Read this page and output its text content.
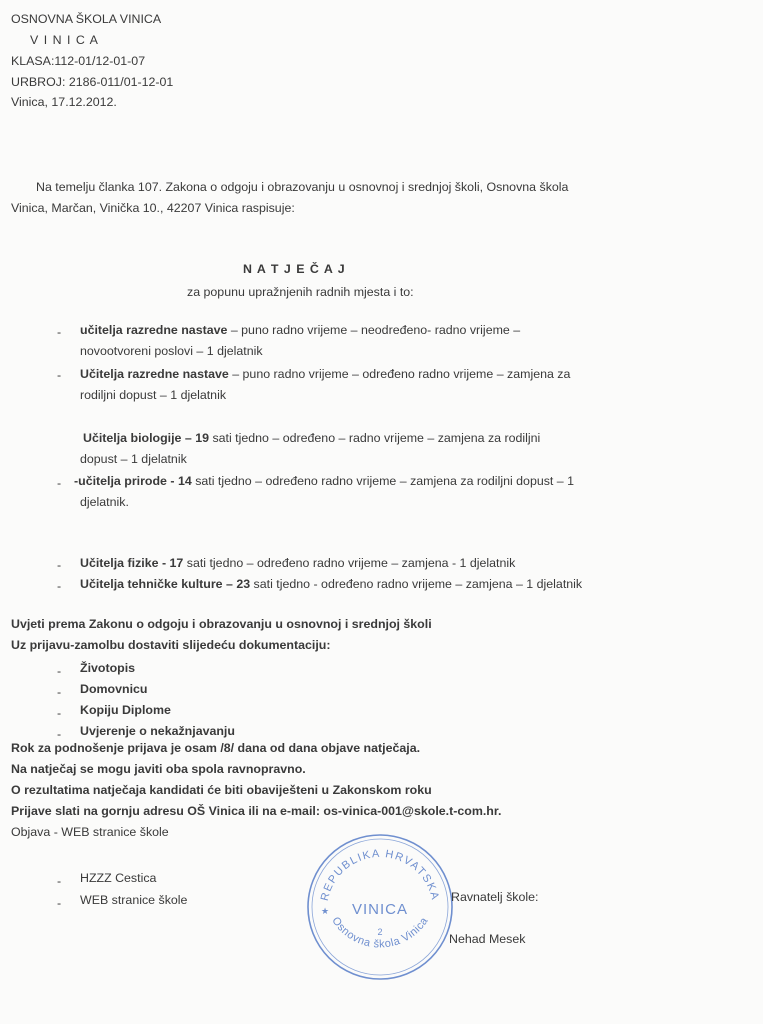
OSNOVNA ŠKOLA VINICA
V I N I C A
KLASA:112-01/12-01-07
URBROJ: 2186-011/01-12-01
Vinica, 17.12.2012.
Na temelju članka 107. Zakona o odgoju i obrazovanju u osnovnoj i srednjoj školi, Osnovna škola
Vinica, Marčan, Vinička 10., 42207 Vinica raspisuje:
N A T J E Č A J
za popunu upražnjenih radnih mjesta i to:
- učitelja razredne nastave – puno radno vrijeme – neodređeno- radno vrijeme –
novootvoreni poslovi – 1 djelatnik
- Učitelja razredne nastave – puno radno vrijeme – određeno radno vrijeme – zamjena za
rodiljni dopust – 1 djelatnik
Učitelja biologije – 19 sati tjedno – određeno – radno vrijeme – zamjena za rodiljni
dopust – 1 djelatnik
- -učitelja prirode - 14 sati tjedno – određeno radno vrijeme – zamjena za rodiljni dopust – 1
djelatnik.
- Učitelja fizike - 17 sati tjedno – određeno radno vrijeme – zamjena - 1 djelatnik
- Učitelja tehničke kulture – 23 sati tjedno - određeno radno vrijeme – zamjena – 1 djelatnik
Uvjeti prema Zakonu o odgoju i obrazovanju u osnovnoj i srednjoj školi
Uz prijavu-zamolbu dostaviti slijedeću dokumentaciju:
- Životopis
- Domovnicu
- Kopiju Diplome
- Uvjerenje o nekažnjavanju
Rok za podnošenje prijava je osam /8/ dana od dana objave natječaja.
Na natječaj se mogu javiti oba spola ravnopravno.
O rezultatima natječaja kandidati će biti obaviješteni u Zakonskom roku
Prijave slati na gornju adresu OŠ Vinica ili na e-mail: os-vinica-001@skole.t-com.hr.
Objava - WEB stranice škole
- HZZZ Cestica
- WEB stranice škole	REPUBLIKA HRVATSKA
Osnovna škola Vinica
VINICA
2
★
Ravnatelj škole:
Nehad Mesek
